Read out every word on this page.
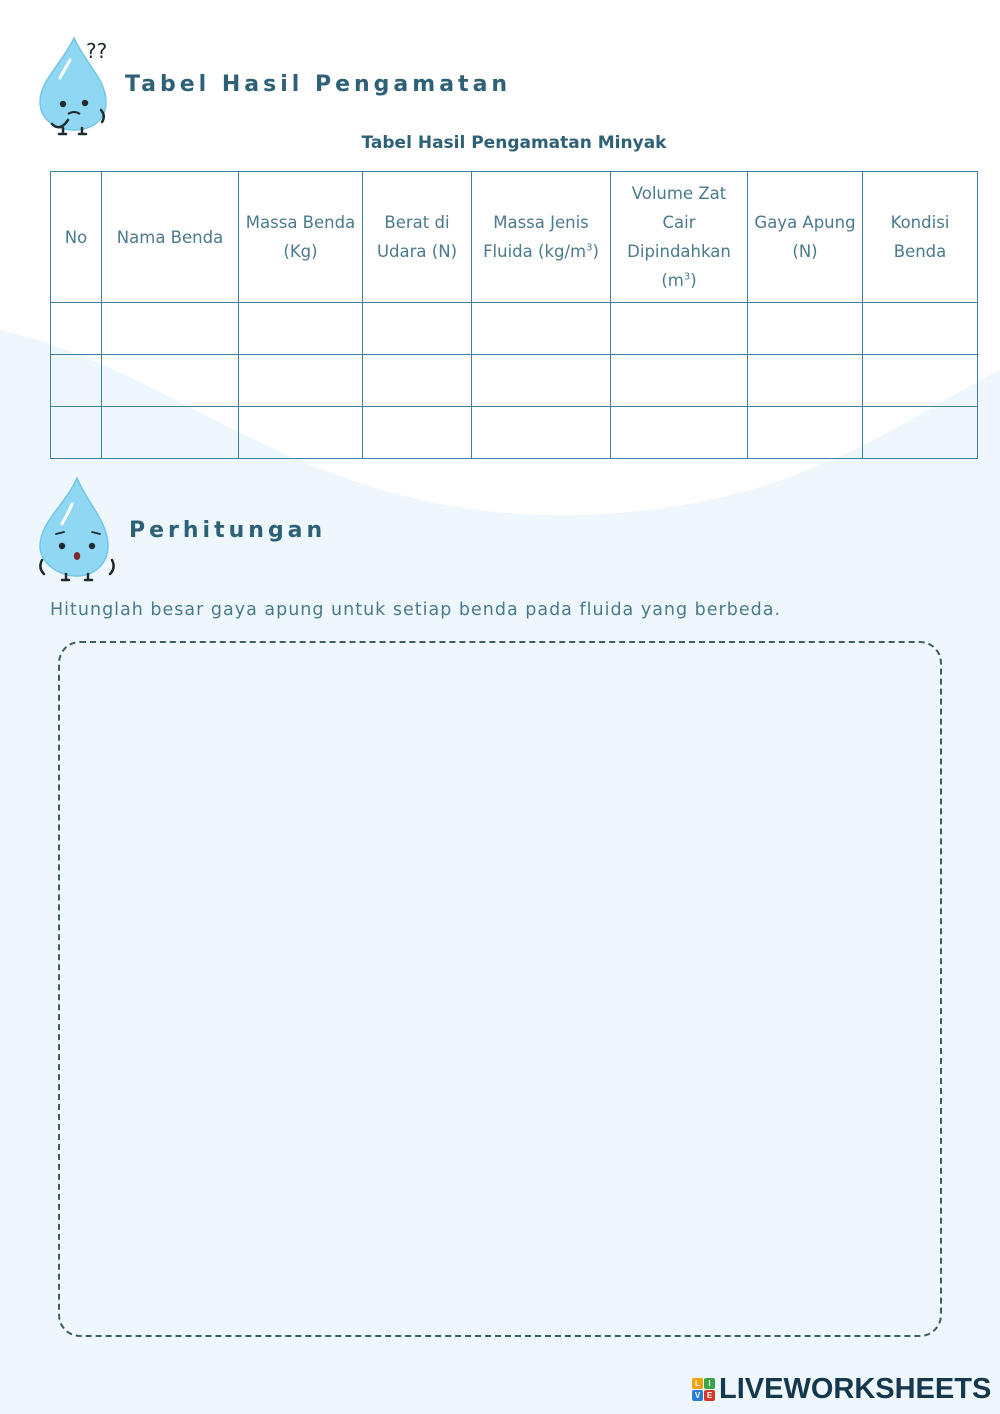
??
Tabel Hasil Pengamatan
Tabel Hasil Pengamatan Minyak
No	Nama Benda	Massa Benda (Kg)	Berat di Udara (N)	Massa Jenis Fluida $(kg/m^3)$	Volume Zat Cair Dipindahkan $(m^3)$	Gaya Apung (N)	Kondisi Benda

Perhitungan
Hitunglah besar gaya apung untuk setiap benda pada fluida yang berbeda.
L	I
V E LIVEWORKSHEETS
